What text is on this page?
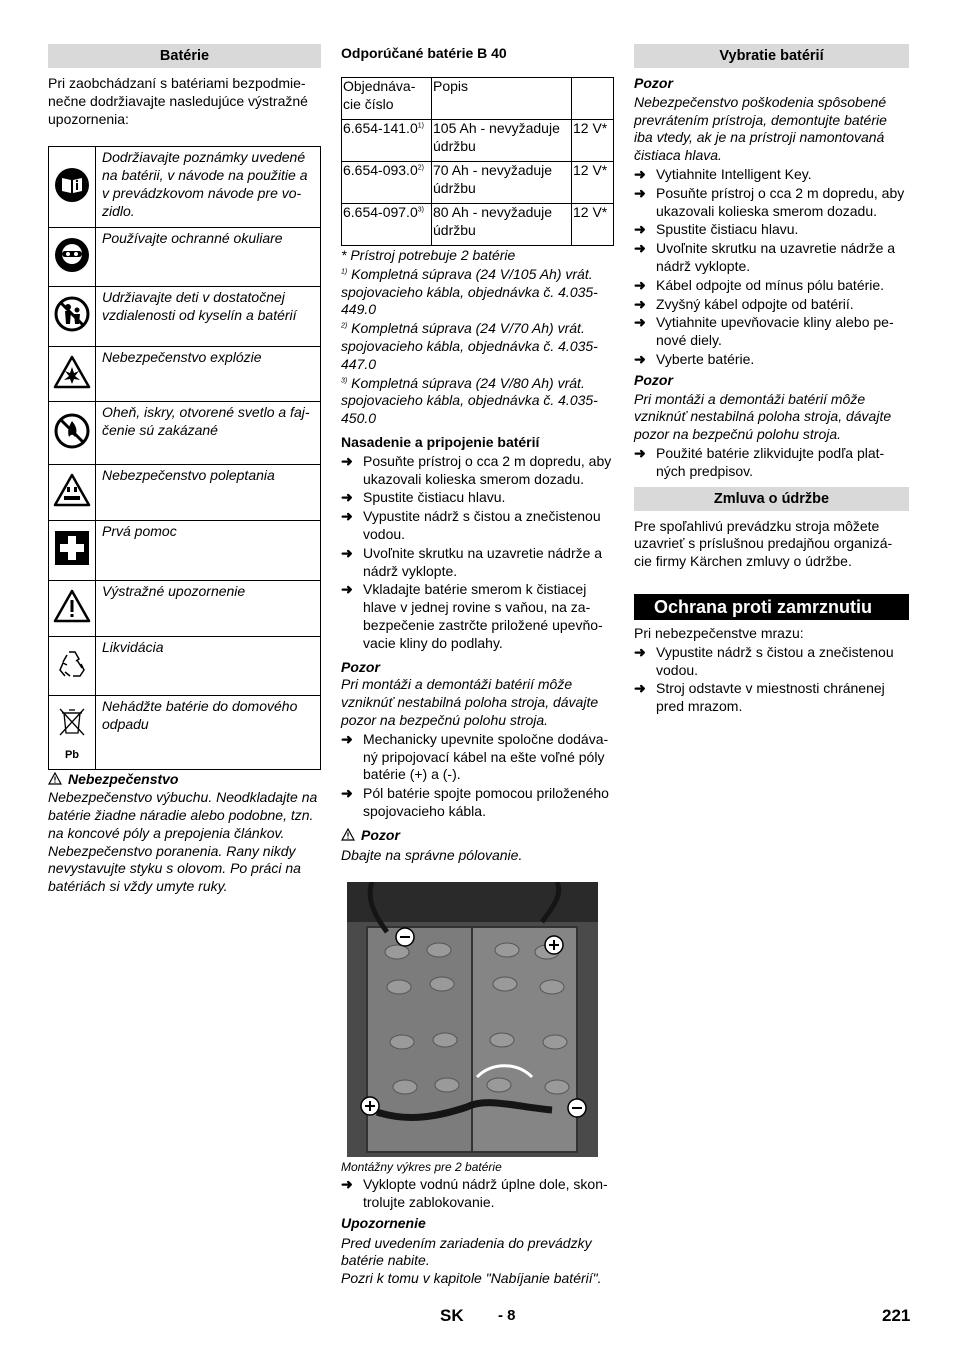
Batérie
Pri zaobchádzaní s batériami bezpodmie-nečne dodržiavajte nasledujúce výstražné upozornenia:
	Dodržiavajte poznámky uvedené na batérii, v návode na použitie a v prevádzkovom návode pre vo-zidlo.
	Používajte ochranné okuliare
	Udržiavajte deti v dostatočnej vzdialenosti od kyselín a batérií
	Nebezpečenstvo explózie
	Oheň, iskry, otvorené svetlo a faj-čenie sú zakázané
	Nebezpečenstvo poleptania
	Prvá pomoc
	Výstražné upozornenie
	Likvidácia

Pb	Nehádžte batérie do domového odpadu
Nebezpečenstvo
Nebezpečenstvo výbuchu. Neodkladajte na batérie žiadne náradie alebo podobne, tzn. na koncové póly a prepojenia článkov. Nebezpečenstvo poranenia. Rany nikdy nevystavujte styku s olovom. Po práci na batériách si vždy umyte ruky.
Odporúčané batérie B 40
Objednáva-cie číslo	Popis	
6.654-141.0$^{1)}$	105 Ah - nevyžaduje údržbu	12 V*
6.654-093.0$^{2)}$	70 Ah - nevyžaduje údržbu	12 V*
6.654-097.0$^{3)}$	80 Ah - nevyžaduje údržbu	12 V*
* Prístroj potrebuje 2 batérie
$^{1)}$ Kompletná súprava (24 V/105 Ah) vrát. spojovacieho kábla, objednávka č. 4.035-449.0
$^{2)}$ Kompletná súprava (24 V/70 Ah) vrát. spojovacieho kábla, objednávka č. 4.035-447.0
$^{3)}$ Kompletná súprava (24 V/80 Ah) vrát. spojovacieho kábla, objednávka č. 4.035-450.0
Nasadenie a pripojenie batérií
➜ Posuňte prístroj o cca 2 m dopredu, aby ukazovali kolieska smerom dozadu.
➜ Spustite čistiacu hlavu.
➜ Vypustite nádrž s čistou a znečistenou vodou.
➜ Uvoľnite skrutku na uzavretie nádrže a nádrž vyklopte.
➜ Vkladajte batérie smerom k čistiacej hlave v jednej rovine s vaňou, na za-bezpečenie zastrčte priložené upevňo-vacie kliny do podlahy.
Pozor
Pri montáži a demontáži batérií môže vzniknúť nestabilná poloha stroja, dávajte pozor na bezpečnú polohu stroja.
➜ Mechanicky upevnite spoločne dodáva-ný pripojovací kábel na ešte voľné póly batérie (+) a (-).
➜ Pól batérie spojte pomocou priloženého spojovacieho kábla.
Pozor
Dbajte na správne pólovanie.
Montážny výkres pre 2 batérie
➜ Vyklopte vodnú nádrž úplne dole, skon-trolujte zablokovanie.
Upozornenie
Pred uvedením zariadenia do prevádzky batérie nabite.
Pozri k tomu v kapitole "Nabíjanie batérií".
Vybratie batérií
Pozor
Nebezpečenstvo poškodenia spôsobené prevrátením prístroja, demontujte batérie iba vtedy, ak je na prístroji namontovaná čistiaca hlava.
➜ Vytiahnite Intelligent Key.
➜ Posuňte prístroj o cca 2 m dopredu, aby ukazovali kolieska smerom dozadu.
➜ Spustite čistiacu hlavu.
➜ Uvoľnite skrutku na uzavretie nádrže a nádrž vyklopte.
➜ Kábel odpojte od mínus pólu batérie.
➜ Zvyšný kábel odpojte od batérií.
➜ Vytiahnite upevňovacie kliny alebo pe-nové diely.
➜ Vyberte batérie.
Pozor
Pri montáži a demontáži batérií môže vzniknúť nestabilná poloha stroja, dávajte pozor na bezpečnú polohu stroja.
➜ Použité batérie zlikvidujte podľa plat-ných predpisov.
Zmluva o údržbe
Pre spoľahlivú prevádzku stroja môžete uzavrieť s príslušnou predajňou organizá-cie firmy Kärchen zmluvy o údržbe.
Ochrana proti zamrznutiu
Pri nebezpečenstve mrazu:
➜ Vypustite nádrž s čistou a znečistenou vodou.
➜ Stroj odstavte v miestnosti chránenej pred mrazom.
SK - 8	221
